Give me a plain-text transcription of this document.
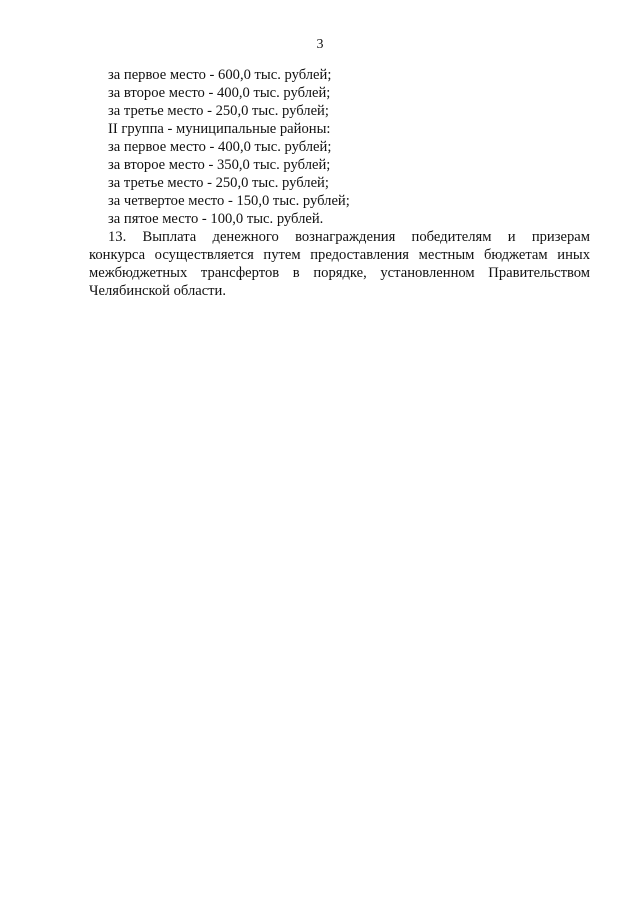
3
за первое место - 600,0 тыс. рублей;
за второе место - 400,0 тыс. рублей;
за третье место - 250,0 тыс. рублей;
II группа - муниципальные районы:
за первое место - 400,0 тыс. рублей;
за второе место - 350,0 тыс. рублей;
за третье место - 250,0 тыс. рублей;
за четвертое место - 150,0 тыс. рублей;
за пятое место - 100,0 тыс. рублей.
13. Выплата денежного вознаграждения победителям и призерам
конкурса осуществляется путем предоставления местным бюджетам иных
межбюджетных трансфертов в порядке, установленном Правительством
Челябинской области.
